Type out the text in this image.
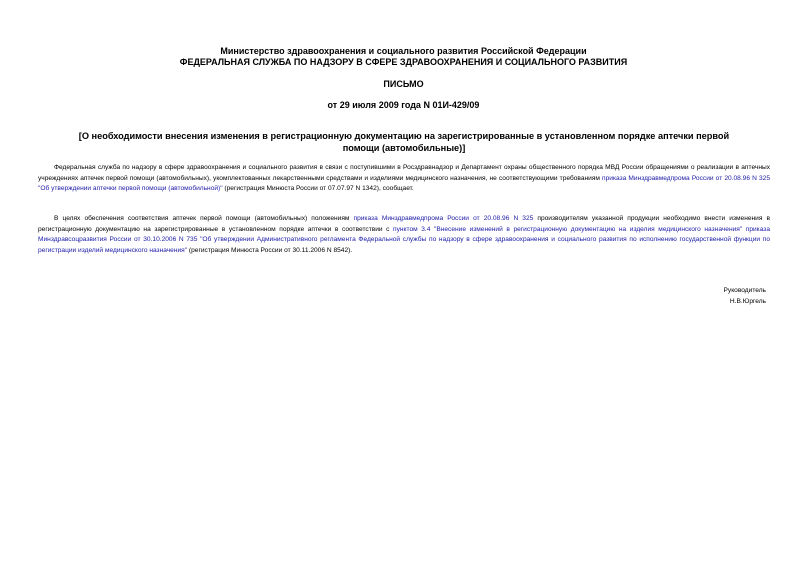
Министерство здравоохранения и социального развития Российской Федерации
ФЕДЕРАЛЬНАЯ СЛУЖБА ПО НАДЗОРУ В СФЕРЕ ЗДРАВООХРАНЕНИЯ И СОЦИАЛЬНОГО РАЗВИТИЯ
ПИСЬМО
от 29 июля 2009 года N 01И-429/09
[О необходимости внесения изменения в регистрационную документацию на зарегистрированные в установленном порядке аптечки первой помощи (автомобильные)]

Федеральная служба по надзору в сфере здравоохранения и социального развития в связи с поступившими в Росздравнадзор и Департамент охраны общественного порядка МВД России обращениями о реализации в аптечных учреждениях аптечек первой помощи (автомобильных), укомплектованных лекарственными средствами и изделиями медицинского назначения, не соответствующими требованиям приказа Минздравмедпрома России от 20.08.96 N 325 "Об утверждении аптечки первой помощи (автомобильной)" (регистрация Минюста России от 07.07.97 N 1342), сообщает.

В целях обеспечения соответствия аптечек первой помощи (автомобильных) положениям приказа Минздравмедпрома России от 20.08.96 N 325 производителям указанной продукции необходимо внести изменения в регистрационную документацию на зарегистрированные в установленном порядке аптечки в соответствии с пунктом 3.4 "Внесение изменений в регистрационную документацию на изделия медицинского назначения" приказа Минздравсоцразвития России от 30.10.2006 N 735 "Об утверждении Административного регламента Федеральной службы по надзору в сфере здравоохранения и социального развития по исполнению государственной функции по регистрации изделий медицинского назначения" (регистрация Минюста России от 30.11.2006 N 8542).

Руководитель
Н.В.Юргель
